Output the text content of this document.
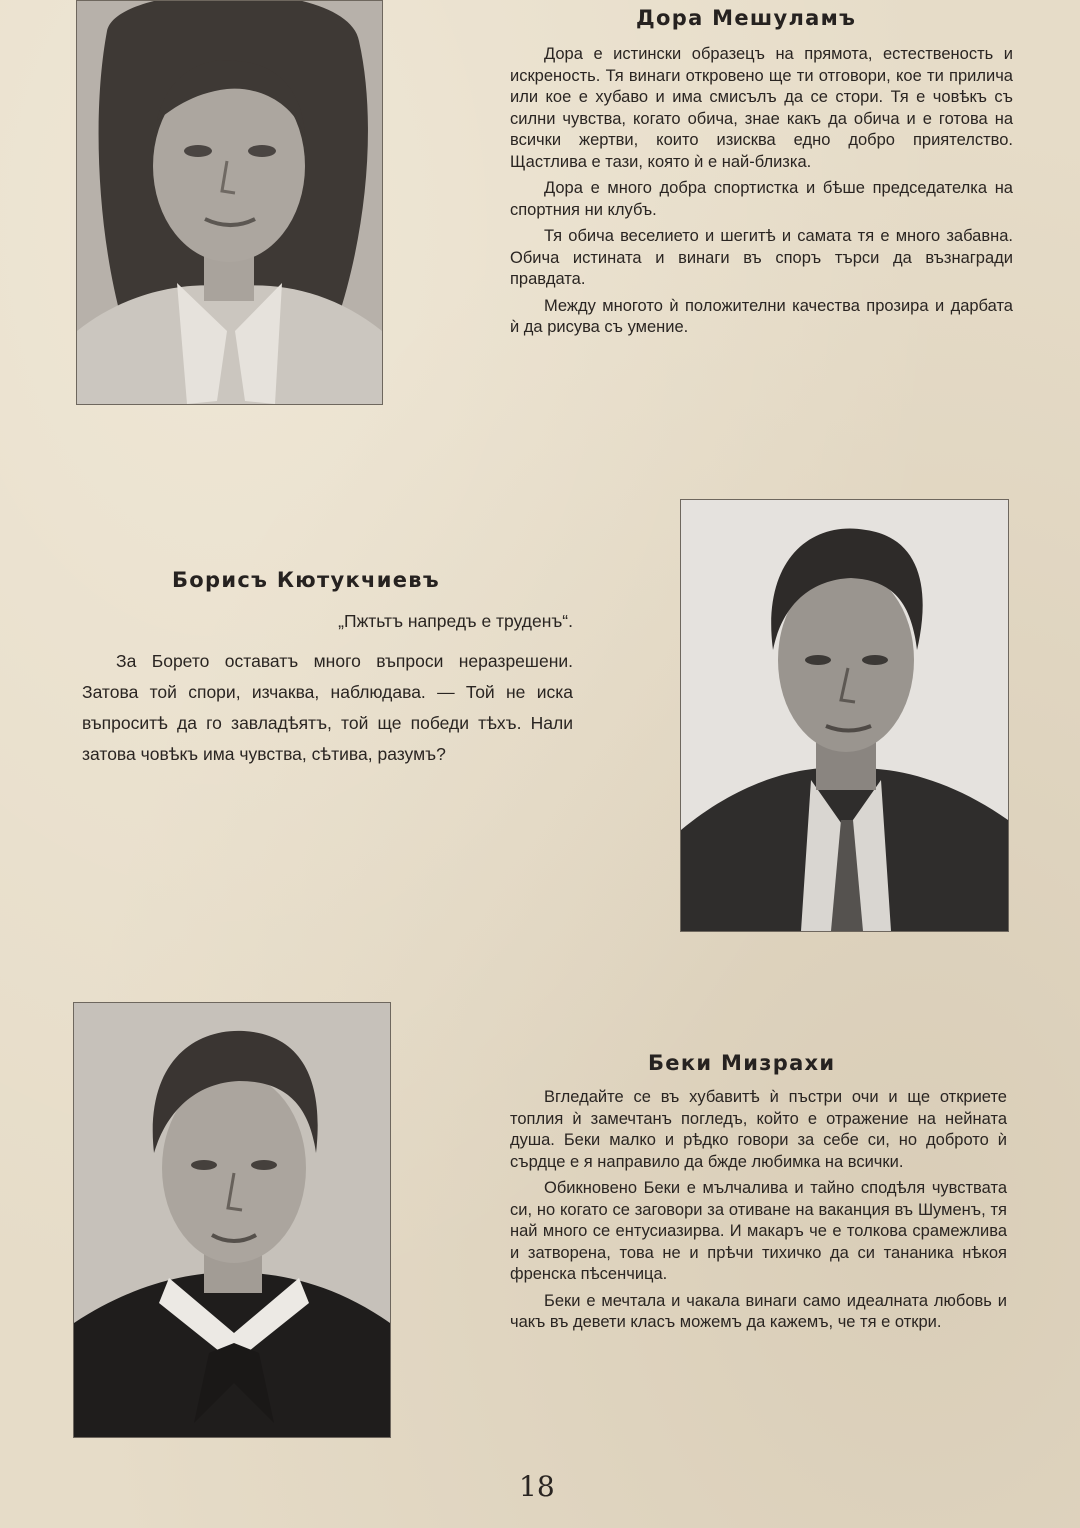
Дора Мешуламъ

Дора е истински образецъ на прямота, естественость и искреность. Тя винаги откровено ще ти отговори, кое ти прилича или кое е хубаво и има смисълъ да се стори. Тя е човѣкъ съ силни чувства, когато обича, знае какъ да обича и е готова на всички жертви, които изисква едно добро приятелство. Щастлива е тази, която ѝ е най-близка.

Дора е много добра спортистка и бѣше председателка на спортния ни клубъ.

Тя обича веселието и шегитѣ и самата тя е много забавна. Обича истината и винаги въ споръ търси да възнагради правдата.

Между многото ѝ положителни качества прозира и дарбата ѝ да рисува съ умение.

Борисъ Кютукчиевъ

„Пжтьтъ напредъ е труденъ“.

За Борето оставатъ много въпроси неразрешени. Затова той спори, изчаква, наблюдава. — Той не иска въпроситѣ да го завладѣятъ, той ще победи тѣхъ. Нали затова човѣкъ има чувства, сѣтива, разумъ?

Беки Мизрахи

Вгледайте се въ хубавитѣ ѝ пъстри очи и ще откриете топлия ѝ замечтанъ погледъ, който е отражение на нейната душа. Беки малко и рѣдко говори за себе си, но доброто ѝ сърдце е я направило да бжде любимка на всички.

Обикновено Беки е мълчалива и тайно сподѣля чувствата си, но когато се заговори за отиване на ваканция въ Шуменъ, тя най много се ентусиазирва. И макаръ че е толкова срамежлива и затворена, това не и прѣчи тихичко да си тананика нѣкоя френска пѣсенчица.

Беки е мечтала и чакала винаги само идеалната любовь и чакъ въ девети класъ можемъ да кажемъ, че тя е откри.

18
